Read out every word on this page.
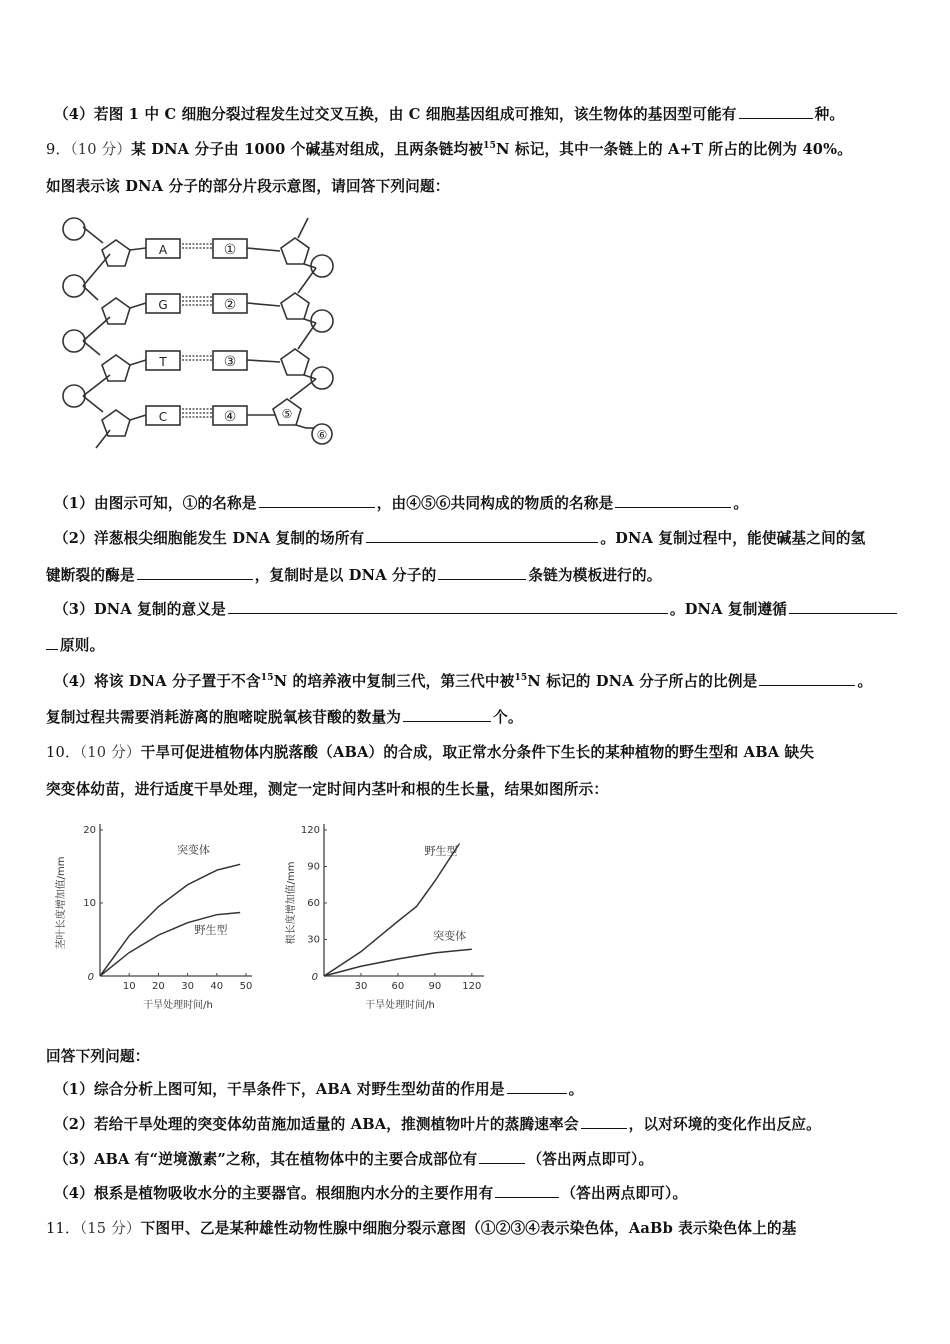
（4）若图 1 中 C 细胞分裂过程发生过交叉互换，由 C 细胞基因组成可推知，该生物体的基因型可能有	种。
9．（10 分）某 DNA 分子由 1000 个碱基对组成，且两条链均被$^{15}$N 标记，其中一条链上的 A+T 所占的比例为 40%。
如图表示该 DNA 分子的部分片段示意图，请回答下列问题：
A
G
T
C
①
②
③
④	⑤
⑥
（1）由图示可知，①的名称是	，由④⑤⑥共同构成的物质的名称是	。
（2）洋葱根尖细胞能发生 DNA 复制的场所有	。DNA 复制过程中，能使碱基之间的氢
键断裂的酶是	，复制时是以 DNA 分子的	条链为模板进行的。
（3）DNA 复制的意义是	。DNA 复制遵循
原则。
（4）将该 DNA 分子置于不含$^{15}$N 的培养液中复制三代，第三代中被$^{15}$N 标记的 DNA 分子所占的比例是	。
复制过程共需要消耗游离的胞嘧啶脱氧核苷酸的数量为	个。
10．（10 分）干旱可促进植物体内脱落酸（ABA）的合成，取正常水分条件下生长的某种植物的野生型和 ABA 缺失
突变体幼苗，进行适度干旱处理，测定一定时间内茎叶和根的生长量，结果如图所示：
10 20 30 40 50
10
20
0
突变体
野生型
茎叶长度增加值/mm
干旱处理时间/h
30 60 90 120
30
60
90
120
0
野生型
突变体
根长度增加值/mm
干旱处理时间/h
回答下列问题：
（1）综合分析上图可知，干旱条件下，ABA 对野生型幼苗的作用是	。
（2）若给干旱处理的突变体幼苗施加适量的 ABA，推测植物叶片的蒸腾速率会	，以对环境的变化作出反应。
（3）ABA 有“逆境激素”之称，其在植物体中的主要合成部位有	（答出两点即可）。
（4）根系是植物吸收水分的主要器官。根细胞内水分的主要作用有	（答出两点即可）。
11．（15 分）下图甲、乙是某种雄性动物性腺中细胞分裂示意图（①②③④表示染色体，AaBb 表示染色体上的基
